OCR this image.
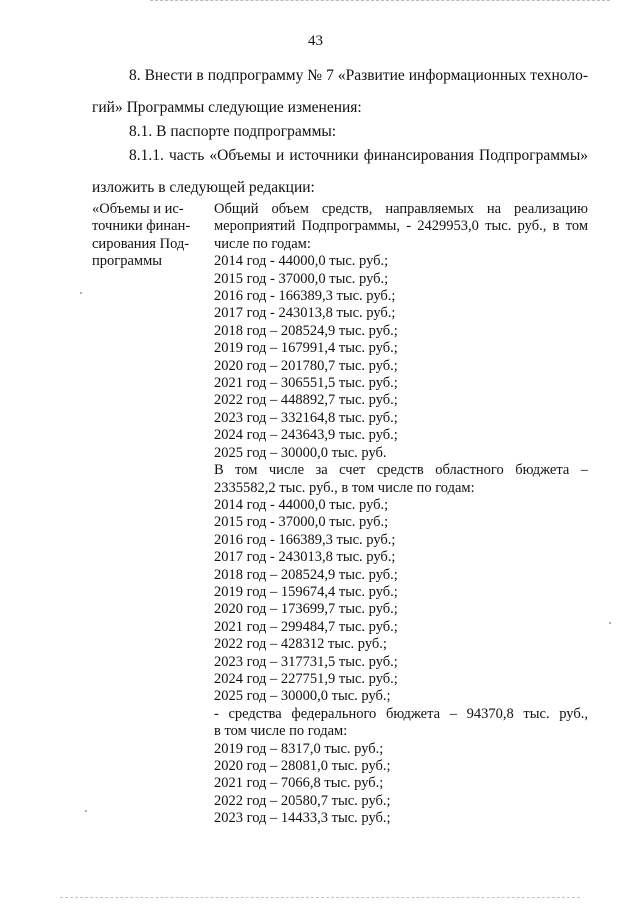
43
8. Внести в подпрограмму № 7 «Развитие информационных техноло-
гий» Программы следующие изменения:
8.1. В паспорте подпрограммы:
8.1.1. часть «Объемы и источники финансирования Подпрограммы»
изложить в следующей редакции:
«Объемы и ис-
точники финан-
сирования Под-
программы
Общий объем средств, направляемых на реализацию
мероприятий Подпрограммы, - 2429953,0 тыс. руб., в том
числе по годам:
2014 год - 44000,0 тыс. руб.;
2015 год - 37000,0 тыс. руб.;
2016 год - 166389,3 тыс. руб.;
2017 год - 243013,8 тыс. руб.;
2018 год – 208524,9 тыс. руб.;
2019 год – 167991,4 тыс. руб.;
2020 год – 201780,7 тыс. руб.;
2021 год – 306551,5 тыс. руб.;
2022 год – 448892,7 тыс. руб.;
2023 год – 332164,8 тыс. руб.;
2024 год – 243643,9 тыс. руб.;
2025 год – 30000,0 тыс. руб.
В том числе за счет средств областного бюджета –
2335582,2 тыс. руб., в том числе по годам:
2014 год - 44000,0 тыс. руб.;
2015 год - 37000,0 тыс. руб.;
2016 год - 166389,3 тыс. руб.;
2017 год - 243013,8 тыс. руб.;
2018 год – 208524,9 тыс. руб.;
2019 год – 159674,4 тыс. руб.;
2020 год – 173699,7 тыс. руб.;
2021 год – 299484,7 тыс. руб.;
2022 год – 428312 тыс. руб.;
2023 год – 317731,5 тыс. руб.;
2024 год – 227751,9 тыс. руб.;
2025 год – 30000,0 тыс. руб.;
- средства федерального бюджета – 94370,8 тыс. руб.,
в том числе по годам:
2019 год – 8317,0 тыс. руб.;
2020 год – 28081,0 тыс. руб.;
2021 год – 7066,8 тыс. руб.;
2022 год – 20580,7 тыс. руб.;
2023 год – 14433,3 тыс. руб.;
